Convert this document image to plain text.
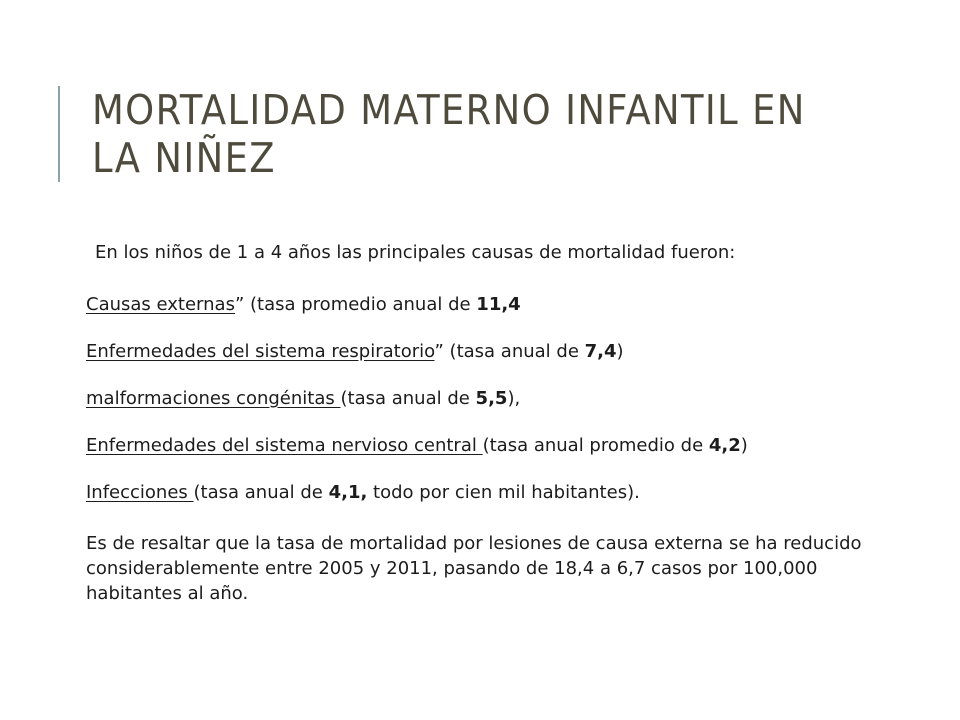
MORTALIDAD MATERNO INFANTIL EN LA NIÑEZ

En los niños de 1 a 4 años las principales causas de mortalidad fueron:

Causas externas” (tasa promedio anual de 11,4

Enfermedades del sistema respiratorio” (tasa anual de 7,4)

malformaciones congénitas (tasa anual de 5,5),

Enfermedades del sistema nervioso central (tasa anual promedio de 4,2)

Infecciones (tasa anual de 4,1, todo por cien mil habitantes).

Es de resaltar que la tasa de mortalidad por lesiones de causa externa se ha reducido considerablemente entre 2005 y 2011, pasando de 18,4 a 6,7 casos por 100,000 habitantes al año.
